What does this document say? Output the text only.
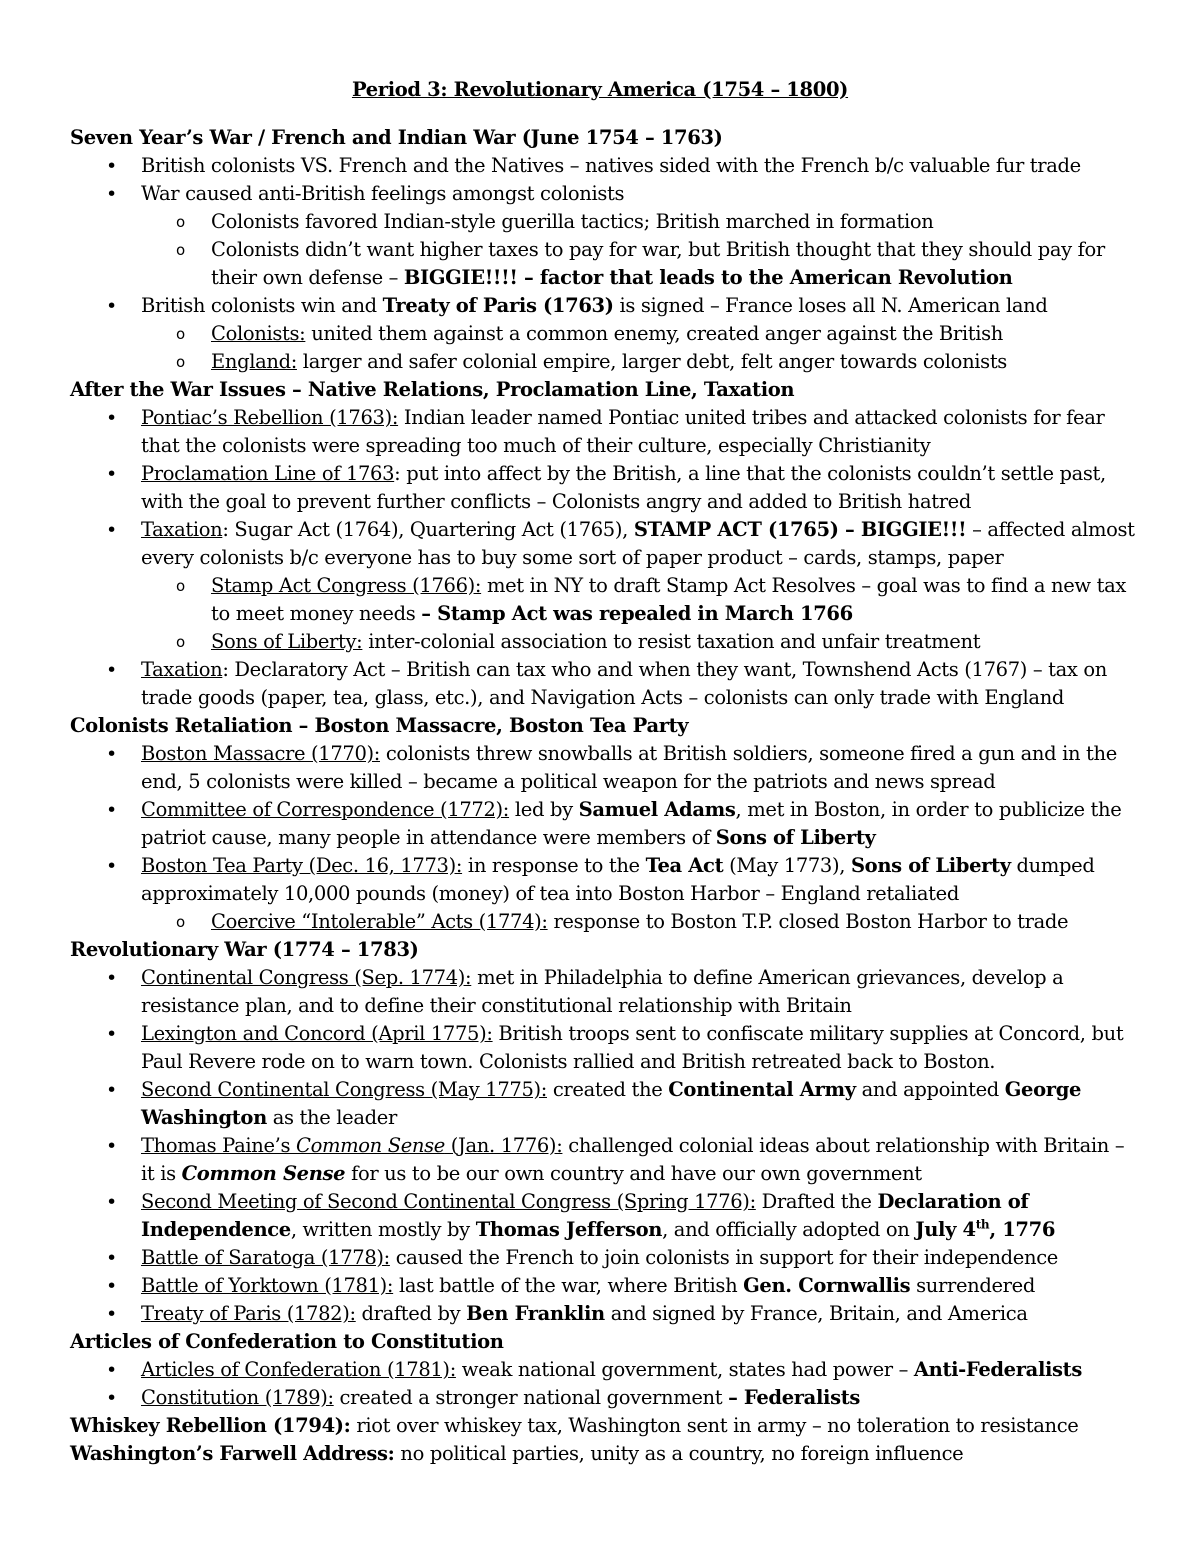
Period 3: Revolutionary America (1754 – 1800)
Seven Year’s War / French and Indian War (June 1754 – 1763)
• British colonists VS. French and the Natives – natives sided with the French b/c valuable fur trade
• War caused anti-British feelings amongst colonists
o Colonists favored Indian-style guerilla tactics; British marched in formation
o Colonists didn’t want higher taxes to pay for war, but British thought that they should pay for their own defense – BIGGIE!!!! – factor that leads to the American Revolution
• British colonists win and Treaty of Paris (1763) is signed – France loses all N. American land
o Colonists: united them against a common enemy, created anger against the British
o England: larger and safer colonial empire, larger debt, felt anger towards colonists
After the War Issues – Native Relations, Proclamation Line, Taxation
• Pontiac’s Rebellion (1763): Indian leader named Pontiac united tribes and attacked colonists for fear that the colonists were spreading too much of their culture, especially Christianity
• Proclamation Line of 1763: put into affect by the British, a line that the colonists couldn’t settle past, with the goal to prevent further conflicts – Colonists angry and added to British hatred
• Taxation: Sugar Act (1764), Quartering Act (1765), STAMP ACT (1765) – BIGGIE!!! – affected almost every colonists b/c everyone has to buy some sort of paper product – cards, stamps, paper
o Stamp Act Congress (1766): met in NY to draft Stamp Act Resolves – goal was to find a new tax to meet money needs – Stamp Act was repealed in March 1766
o Sons of Liberty: inter-colonial association to resist taxation and unfair treatment
• Taxation: Declaratory Act – British can tax who and when they want, Townshend Acts (1767) – tax on trade goods (paper, tea, glass, etc.), and Navigation Acts – colonists can only trade with England
Colonists Retaliation – Boston Massacre, Boston Tea Party
• Boston Massacre (1770): colonists threw snowballs at British soldiers, someone fired a gun and in the end, 5 colonists were killed – became a political weapon for the patriots and news spread
• Committee of Correspondence (1772): led by Samuel Adams, met in Boston, in order to publicize the patriot cause, many people in attendance were members of Sons of Liberty
• Boston Tea Party (Dec. 16, 1773): in response to the Tea Act (May 1773), Sons of Liberty dumped approximately 10,000 pounds (money) of tea into Boston Harbor – England retaliated
o Coercive “Intolerable” Acts (1774): response to Boston T.P. closed Boston Harbor to trade
Revolutionary War (1774 – 1783)
• Continental Congress (Sep. 1774): met in Philadelphia to define American grievances, develop a resistance plan, and to define their constitutional relationship with Britain
• Lexington and Concord (April 1775): British troops sent to confiscate military supplies at Concord, but Paul Revere rode on to warn town. Colonists rallied and British retreated back to Boston.
• Second Continental Congress (May 1775): created the Continental Army and appointed George Washington as the leader
• Thomas Paine’s Common Sense (Jan. 1776): challenged colonial ideas about relationship with Britain – it is Common Sense for us to be our own country and have our own government
• Second Meeting of Second Continental Congress (Spring 1776): Drafted the Declaration of Independence, written mostly by Thomas Jefferson, and officially adopted on July 4th, 1776
• Battle of Saratoga (1778): caused the French to join colonists in support for their independence
• Battle of Yorktown (1781): last battle of the war, where British Gen. Cornwallis surrendered
• Treaty of Paris (1782): drafted by Ben Franklin and signed by France, Britain, and America
Articles of Confederation to Constitution
• Articles of Confederation (1781): weak national government, states had power – Anti-Federalists
• Constitution (1789): created a stronger national government – Federalists
Whiskey Rebellion (1794): riot over whiskey tax, Washington sent in army – no toleration to resistance
Washington’s Farwell Address: no political parties, unity as a country, no foreign influence
